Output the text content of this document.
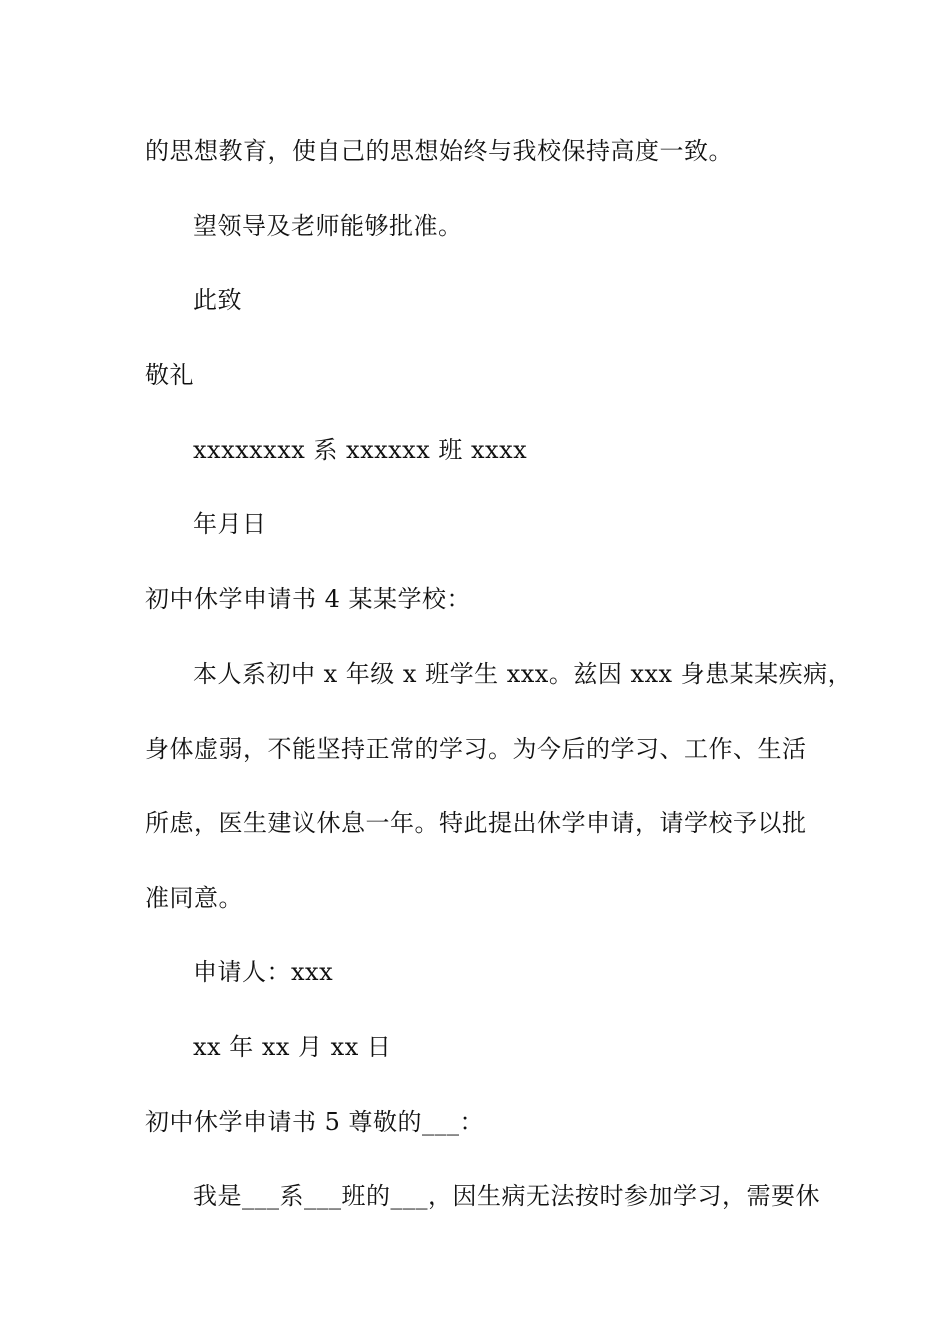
的思想教育，使自己的思想始终与我校保持高度一致。
望领导及老师能够批准。
此致
敬礼
xxxxxxxx 系 xxxxxx 班 xxxx
年月日
初中休学申请书 4 某某学校：
本人系初中 x 年级 x 班学生 xxx。兹因 xxx 身患某某疾病，
身体虚弱，不能坚持正常的学习。为今后的学习、工作、生活
所虑，医生建议休息一年。特此提出休学申请，请学校予以批
准同意。
申请人：xxx
xx 年 xx 月 xx 日
初中休学申请书 5 尊敬的___：
我是___系___班的___，因生病无法按时参加学习，需要休
